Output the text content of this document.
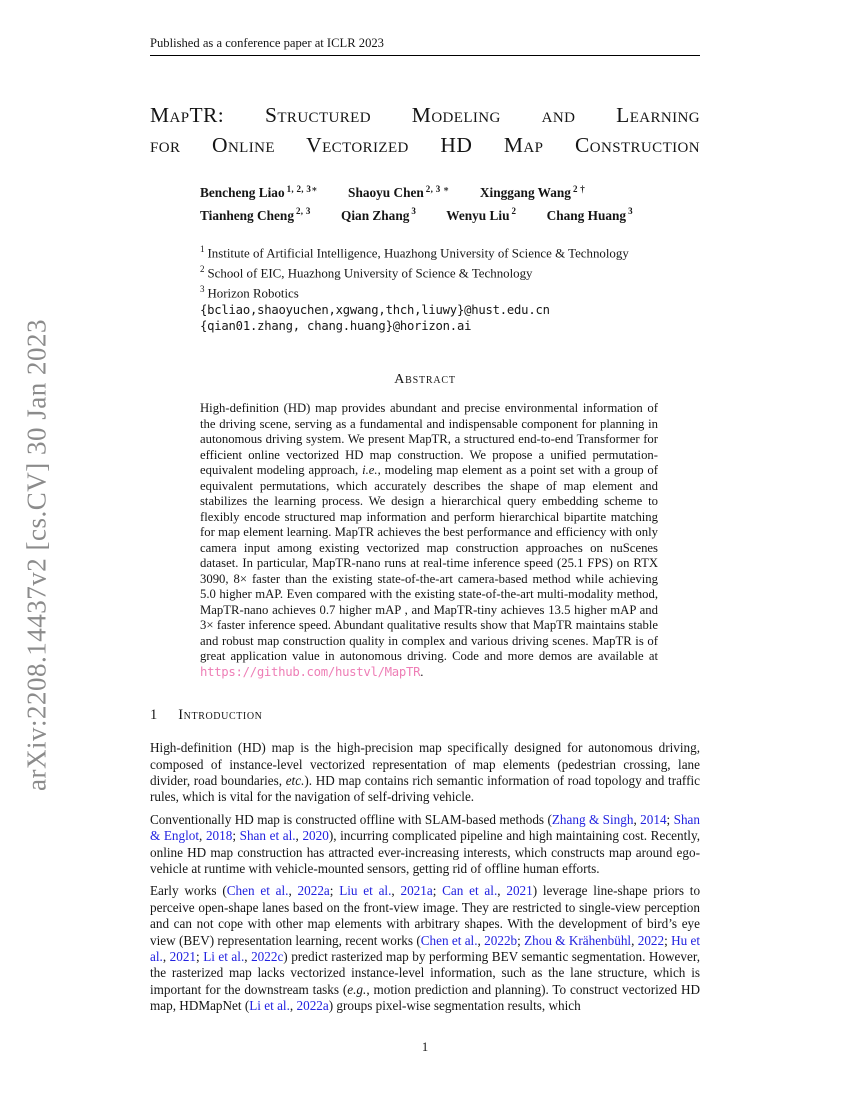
arXiv:2208.14437v2 [cs.CV] 30 Jan 2023
Published as a conference paper at ICLR 2023
MapTR: Structured Modeling and Learning
for Online Vectorized HD Map Construction
Bencheng Liao $^{1, 2, 3∗}$ Shaoyu Chen $^{2, 3 ∗}$ Xinggang Wang $^{2 \dagger}$
Tianheng Cheng $^{2, 3}$ Qian Zhang $^3$ Wenyu Liu $^2$ Chang Huang $^3$
$^1$ Institute of Artificial Intelligence, Huazhong University of Science & Technology
$^2$ School of EIC, Huazhong University of Science & Technology
$^3$ Horizon Robotics
{bcliao,shaoyuchen,xgwang,thch,liuwy}@hust.edu.cn
{qian01.zhang, chang.huang}@horizon.ai
Abstract
High-definition (HD) map provides abundant and precise environmental information of the driving scene, serving as a fundamental and indispensable component for planning in autonomous driving system. We present MapTR, a structured end-to-end Transformer for efficient online vectorized HD map construction. We propose a unified permutation-equivalent modeling approach, i.e., modeling map element as a point set with a group of equivalent permutations, which accurately describes the shape of map element and stabilizes the learning process. We design a hierarchical query embedding scheme to flexibly encode structured map information and perform hierarchical bipartite matching for map element learning. MapTR achieves the best performance and efficiency with only camera input among existing vectorized map construction approaches on nuScenes dataset. In particular, MapTR-nano runs at real-time inference speed (25.1 FPS) on RTX 3090, 8× faster than the existing state-of-the-art camera-based method while achieving 5.0 higher mAP. Even compared with the existing state-of-the-art multi-modality method, MapTR-nano achieves 0.7 higher mAP , and MapTR-tiny achieves 13.5 higher mAP and 3× faster inference speed. Abundant qualitative results show that MapTR maintains stable and robust map construction quality in complex and various driving scenes. MapTR is of great application value in autonomous driving. Code and more demos are available at https://github.com/hustvl/MapTR.
1 Introduction
High-definition (HD) map is the high-precision map specifically designed for autonomous driving, composed of instance-level vectorized representation of map elements (pedestrian crossing, lane divider, road boundaries, etc.). HD map contains rich semantic information of road topology and traffic rules, which is vital for the navigation of self-driving vehicle.
Conventionally HD map is constructed offline with SLAM-based methods (Zhang & Singh, 2014; Shan & Englot, 2018; Shan et al., 2020), incurring complicated pipeline and high maintaining cost. Recently, online HD map construction has attracted ever-increasing interests, which constructs map around ego-vehicle at runtime with vehicle-mounted sensors, getting rid of offline human efforts.
Early works (Chen et al., 2022a; Liu et al., 2021a; Can et al., 2021) leverage line-shape priors to perceive open-shape lanes based on the front-view image. They are restricted to single-view perception and can not cope with other map elements with arbitrary shapes. With the development of bird’s eye view (BEV) representation learning, recent works (Chen et al., 2022b; Zhou & Krähenbühl, 2022; Hu et al., 2021; Li et al., 2022c) predict rasterized map by performing BEV semantic segmentation. However, the rasterized map lacks vectorized instance-level information, such as the lane structure, which is important for the downstream tasks (e.g., motion prediction and planning). To construct vectorized HD map, HDMapNet (Li et al., 2022a) groups pixel-wise segmentation results, which
1
